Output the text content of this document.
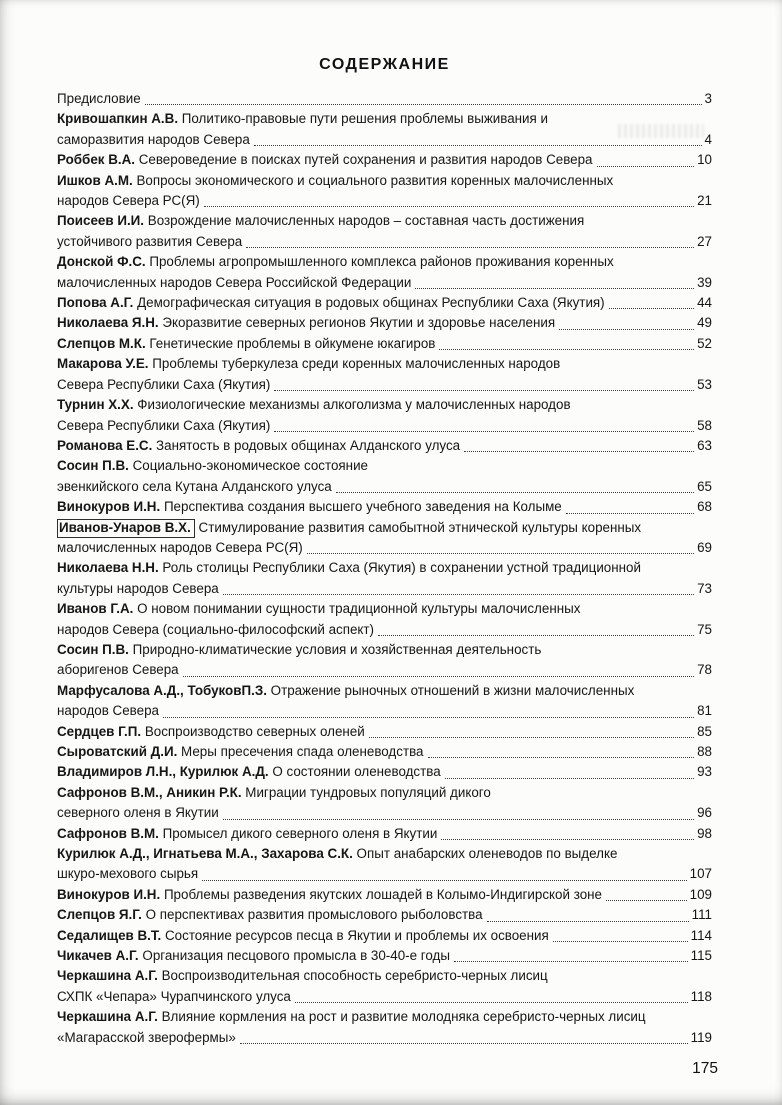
СОДЕРЖАНИЕ
Предисловие	3
Кривошапкин А.В. Политико-правовые пути решения проблемы выживания и
саморазвития народов Севера	4
Роббек В.А. Североведение в поисках путей сохранения и развития народов Севера	10
Ишков А.М. Вопросы экономического и социального развития коренных малочисленных
народов Севера РС(Я)	21
Поисеев И.И. Возрождение малочисленных народов – составная часть достижения
устойчивого развития Севера	27
Донской Ф.С. Проблемы агропромышленного комплекса районов проживания коренных
малочисленных народов Севера Российской Федерации	39
Попова А.Г. Демографическая ситуация в родовых общинах Республики Саха (Якутия)	44
Николаева Я.Н. Экоразвитие северных регионов Якутии и здоровье населения	49
Слепцов М.К. Генетические проблемы в ойкумене юкагиров	52
Макарова У.Е. Проблемы туберкулеза среди коренных малочисленных народов
Севера Республики Саха (Якутия)	53
Турнин Х.Х. Физиологические механизмы алкоголизма у малочисленных народов
Севера Республики Саха (Якутия)	58
Романова Е.С. Занятость в родовых общинах Алданского улуса	63
Сосин П.В. Социально-экономическое состояние
эвенкийского села Кутана Алданского улуса	65
Винокуров И.Н. Перспектива создания высшего учебного заведения на Колыме	68
Иванов-Унаров В.Х. Стимулирование развития самобытной этнической культуры коренных
малочисленных народов Севера РС(Я)	69
Николаева Н.Н. Роль столицы Республики Саха (Якутия) в сохранении устной традиционной
культуры народов Севера	73
Иванов Г.А. О новом понимании сущности традиционной культуры малочисленных
народов Севера (социально-философский аспект)	75
Сосин П.В. Природно-климатические условия и хозяйственная деятельность
аборигенов Севера	78
Марфусалова А.Д., ТобуковП.З. Отражение рыночных отношений в жизни малочисленных
народов Севера	81
Сердцев Г.П. Воспроизводство северных оленей	85
Сыроватский Д.И. Меры пресечения спада оленеводства	88
Владимиров Л.Н., Курилюк А.Д. О состоянии оленеводства	93
Сафронов В.М., Аникин Р.К. Миграции тундровых популяций дикого
северного оленя в Якутии	96
Сафронов В.М. Промысел дикого северного оленя в Якутии	98
Курилюк А.Д., Игнатьева М.А., Захарова С.К. Опыт анабарских оленеводов по выделке
шкуро-мехового сырья	107
Винокуров И.Н. Проблемы разведения якутских лошадей в Колымо-Индигирской зоне	109
Слепцов Я.Г. О перспективах развития промыслового рыболовства	111
Седалищев В.Т. Состояние ресурсов песца в Якутии и проблемы их освоения	114
Чикачев А.Г. Организация песцового промысла в 30-40-е годы	115
Черкашина А.Г. Воспроизводительная способность серебристо-черных лисиц
СХПК «Чепара» Чурапчинского улуса	118
Черкашина А.Г. Влияние кормления на рост и развитие молодняка серебристо-черных лисиц
«Магарасской зверофермы»	119
175
